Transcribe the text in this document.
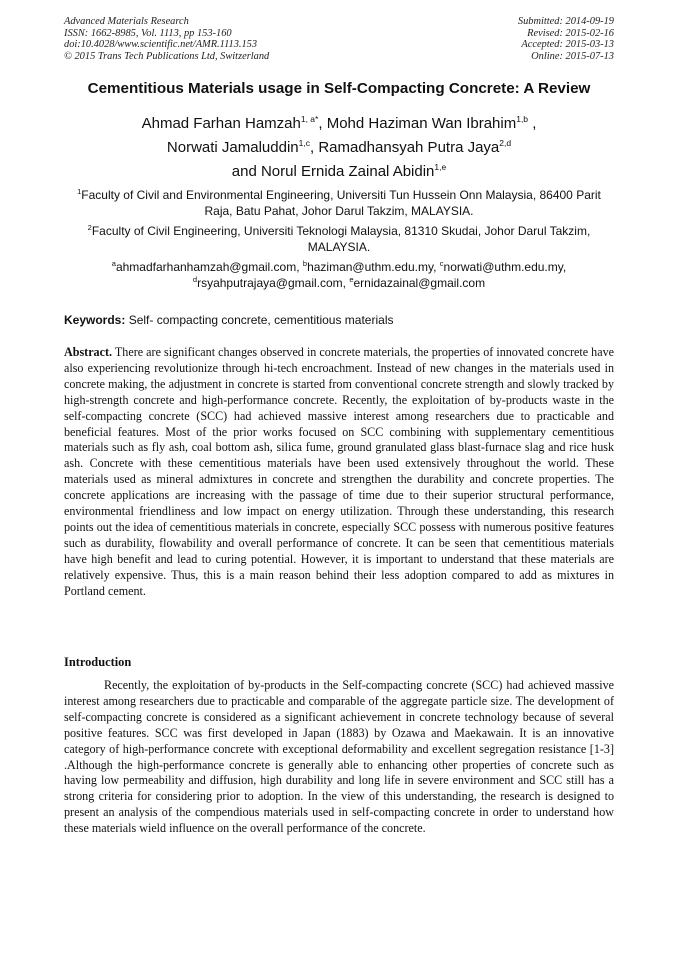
Advanced Materials Research
ISSN: 1662-8985, Vol. 1113, pp 153-160
doi:10.4028/www.scientific.net/AMR.1113.153
© 2015 Trans Tech Publications Ltd, Switzerland
Submitted: 2014-09-19
Revised: 2015-02-16
Accepted: 2015-03-13
Online: 2015-07-13
Cementitious Materials usage in Self-Compacting Concrete: A Review
Ahmad Farhan Hamzah$^{1, a*}$, Mohd Haziman Wan Ibrahim$^{1,b}$ ,
Norwati Jamaluddin$^{1,c}$, Ramadhansyah Putra Jaya$^{2,d}$
and Norul Ernida Zainal Abidin$^{1,e}$
$^1$Faculty of Civil and Environmental Engineering, Universiti Tun Hussein Onn Malaysia, 86400 Parit Raja, Batu Pahat, Johor Darul Takzim, MALAYSIA.
$^2$Faculty of Civil Engineering, Universiti Teknologi Malaysia, 81310 Skudai, Johor Darul Takzim, MALAYSIA.
$^a$ahmadfarhanhamzah@gmail.com, $^b$haziman@uthm.edu.my, $^c$norwati@uthm.edu.my,
$^d$rsyahputrajaya@gmail.com, $^e$ernidazainal@gmail.com
Keywords: Self- compacting concrete, cementitious materials
Abstract. There are significant changes observed in concrete materials, the properties of innovated concrete have also experiencing revolutionize through hi-tech encroachment. Instead of new changes in the materials used in concrete making, the adjustment in concrete is started from conventional concrete strength and slowly tracked by high-strength concrete and high-performance concrete. Recently, the exploitation of by-products waste in the self-compacting concrete (SCC) had achieved massive interest among researchers due to practicable and beneficial features. Most of the prior works focused on SCC combining with supplementary cementitious materials such as fly ash, coal bottom ash, silica fume, ground granulated glass blast-furnace slag and rice husk ash. Concrete with these cementitious materials have been used extensively throughout the world. These materials used as mineral admixtures in concrete and strengthen the durability and concrete properties. The concrete applications are increasing with the passage of time due to their superior structural performance, environmental friendliness and low impact on energy utilization. Through these understanding, this research points out the idea of cementitious materials in concrete, especially SCC possess with numerous positive features such as durability, flowability and overall performance of concrete. It can be seen that cementitious materials have high benefit and lead to curing potential. However, it is important to understand that these materials are relatively expensive. Thus, this is a main reason behind their less adoption compared to add as mixtures in Portland cement.
Introduction
Recently, the exploitation of by-products in the Self-compacting concrete (SCC) had achieved massive interest among researchers due to practicable and comparable of the aggregate particle size. The development of self-compacting concrete is considered as a significant achievement in concrete technology because of several positive features. SCC was first developed in Japan (1883) by Ozawa and Maekawain. It is an innovative category of high-performance concrete with exceptional deformability and excellent segregation resistance [1-3] .Although the high-performance concrete is generally able to enhancing other properties of concrete such as having low permeability and diffusion, high durability and long life in severe environment and SCC still has a strong criteria for considering prior to adoption. In the view of this understanding, the research is designed to present an analysis of the compendious materials used in self-compacting concrete in order to understand how these materials wield influence on the overall performance of the concrete.
